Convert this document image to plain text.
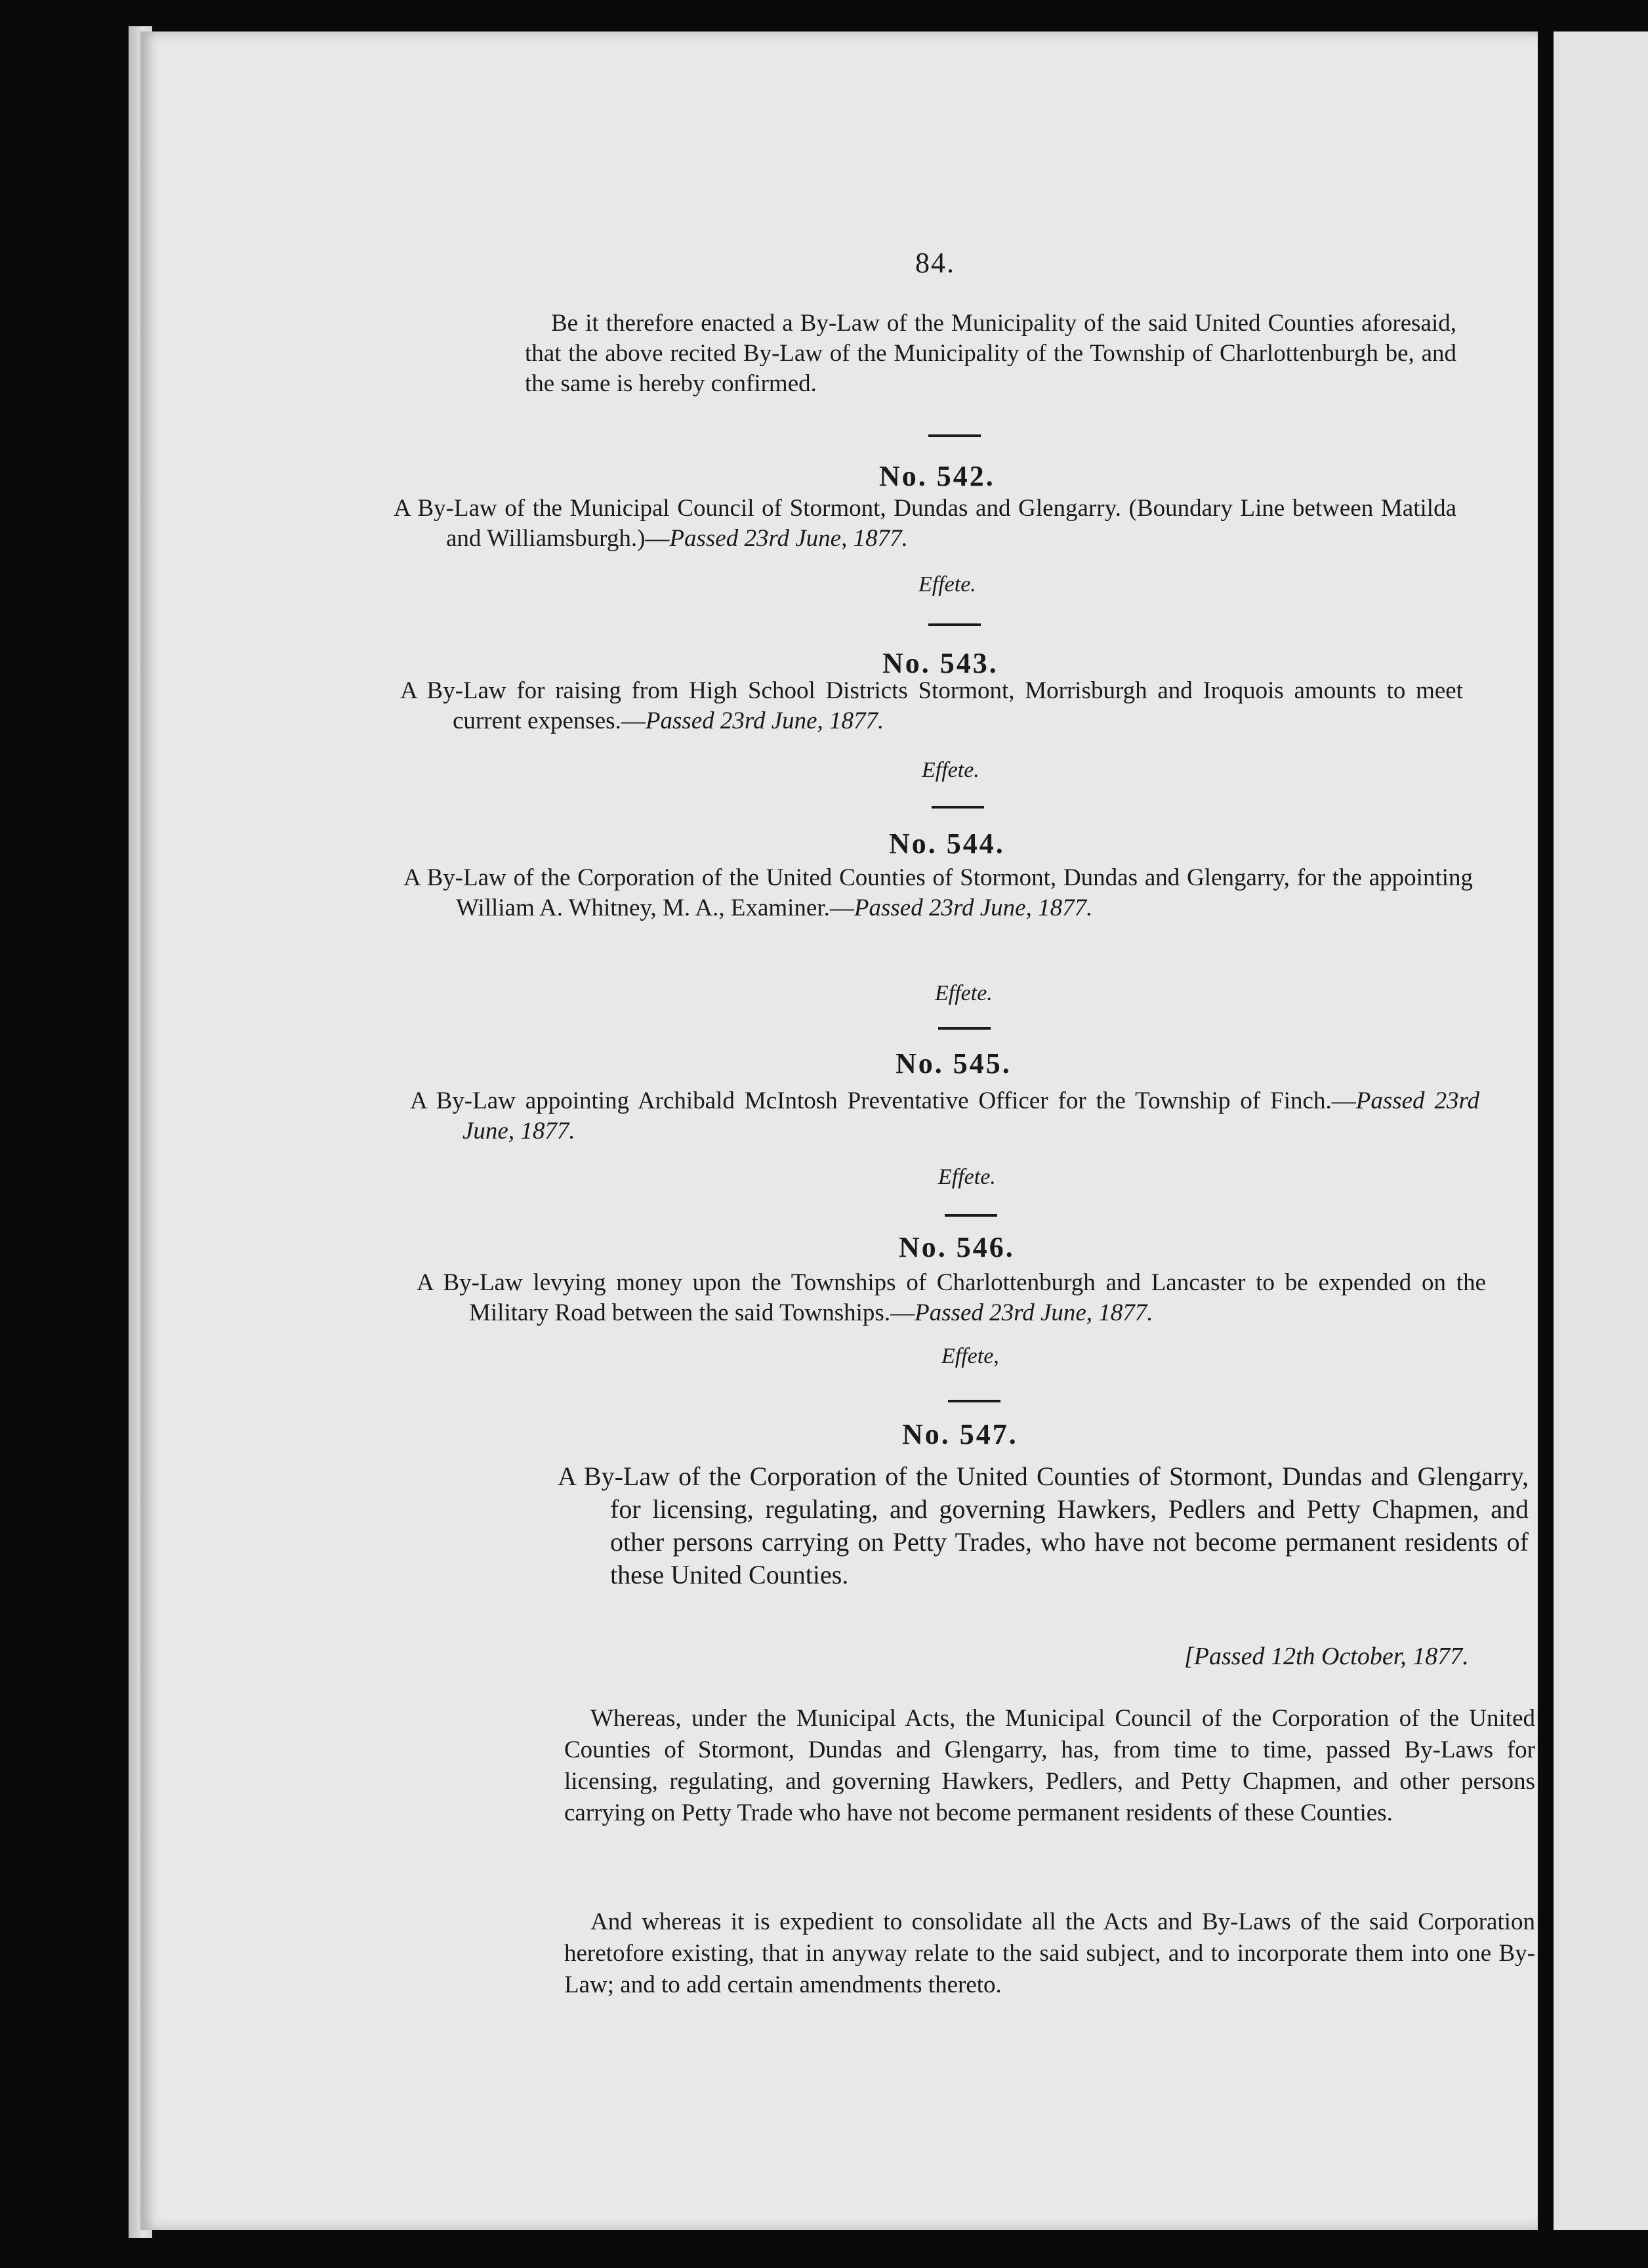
84.

Be it therefore enacted a By-Law of the Municipality of the said United Counties aforesaid, that the above recited By-Law of the Municipality of the Township of Charlottenburgh be, and the same is hereby confirmed.

No. 542.

A By-Law of the Municipal Council of Stormont, Dundas and Glengarry. (Boundary Line between Matilda and Williamsburgh.)—Passed 23rd June, 1877.

Effete.
No. 543.

A By-Law for raising from High School Districts Stormont, Morrisburgh and Iroquois amounts to meet current expenses.—Passed 23rd June, 1877.

Effete.
No. 544.

A By-Law of the Corporation of the United Counties of Stormont, Dundas and Glengarry, for the appointing William A. Whitney, M. A., Examiner.—Passed 23rd June, 1877.

Effete.
No. 545.

A By-Law appointing Archibald McIntosh Preventative Officer for the Township of Finch.—Passed 23rd June, 1877.

Effete.
No. 546.

A By-Law levying money upon the Townships of Charlottenburgh and Lancaster to be expended on the Military Road between the said Townships.—Passed 23rd June, 1877.

Effete,
No. 547.

A By-Law of the Corporation of the United Counties of Stormont, Dundas and Glengarry, for licensing, regulating, and governing Hawkers, Pedlers and Petty Chapmen, and other persons carrying on Petty Trades, who have not become permanent residents of these United Counties.

[Passed 12th October, 1877.

Whereas, under the Municipal Acts, the Municipal Council of the Corporation of the United Counties of Stormont, Dundas and Glengarry, has, from time to time, passed By-Laws for licensing, regulating, and governing Hawkers, Pedlers, and Petty Chapmen, and other persons carrying on Petty Trade who have not become permanent residents of these Counties.

And whereas it is expedient to consolidate all the Acts and By-Laws of the said Corporation heretofore existing, that in anyway relate to the said subject, and to incorporate them into one By-Law; and to add certain amendments thereto.
